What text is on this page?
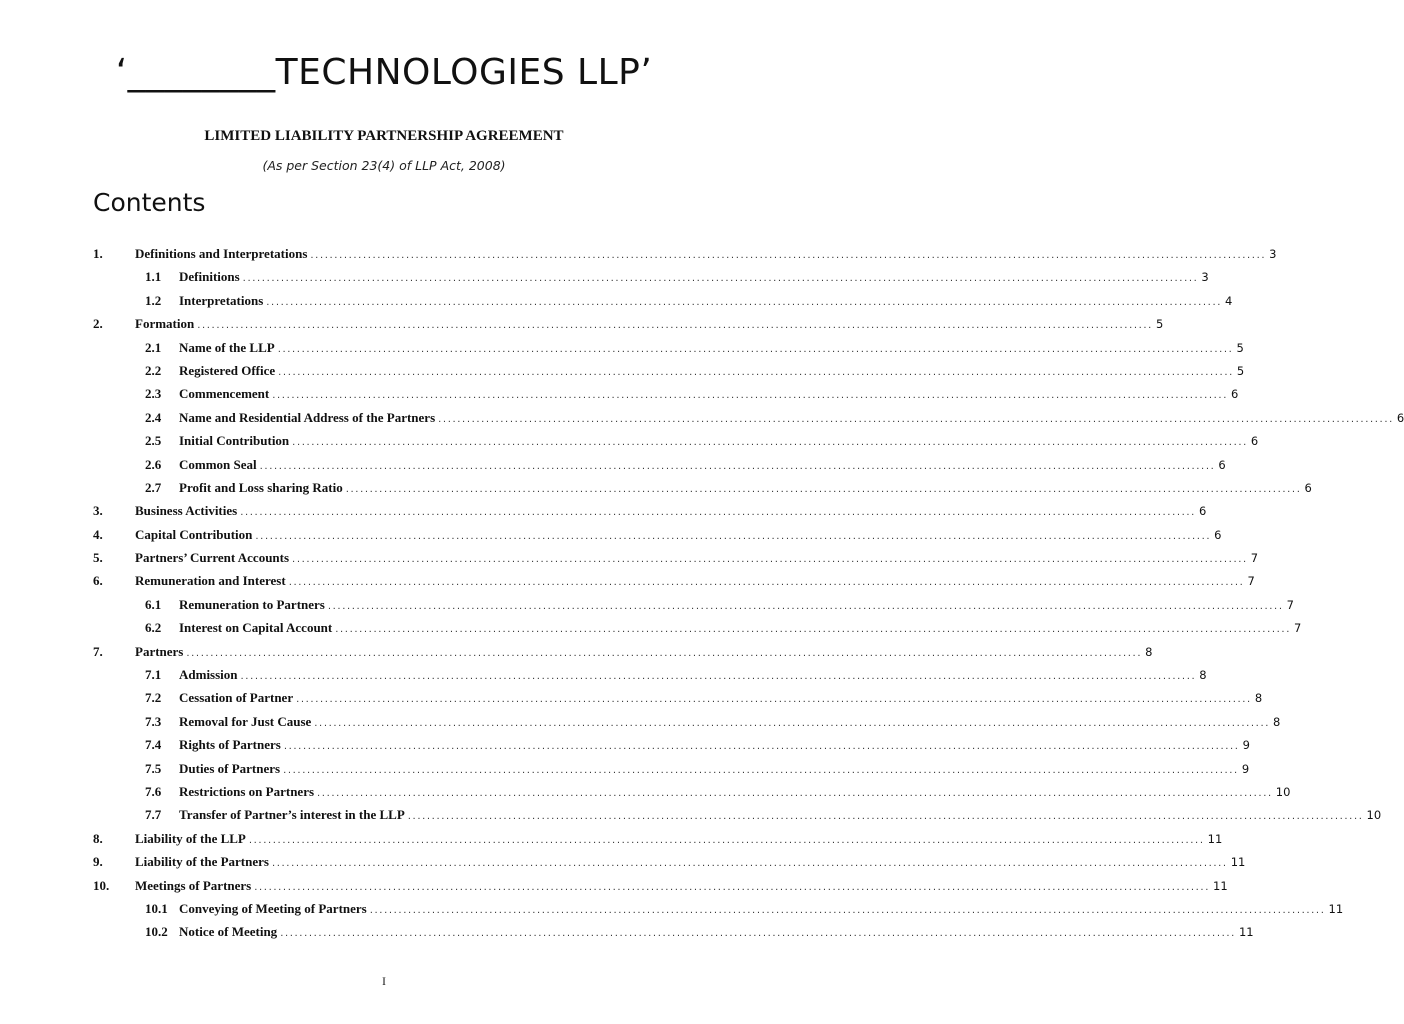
‘________TECHNOLOGIES LLP’
LIMITED LIABILITY PARTNERSHIP AGREEMENT
(As per Section 23(4) of LLP Act, 2008)
Contents
1.	Definitions and Interpretations ........................................................................................................................................................................................................ 3
1.1	Definitions ........................................................................................................................................................................................................ 3
1.2	Interpretations ........................................................................................................................................................................................................ 4
2.	Formation ........................................................................................................................................................................................................ 5
2.1	Name of the LLP ........................................................................................................................................................................................................ 5
2.2	Registered Office ........................................................................................................................................................................................................ 5
2.3	Commencement ........................................................................................................................................................................................................ 6
2.4	Name and Residential Address of the Partners ........................................................................................................................................................................................................ 6
2.5	Initial Contribution ........................................................................................................................................................................................................ 6
2.6	Common Seal ........................................................................................................................................................................................................ 6
2.7	Profit and Loss sharing Ratio ........................................................................................................................................................................................................ 6
3.	Business Activities ........................................................................................................................................................................................................ 6
4.	Capital Contribution ........................................................................................................................................................................................................ 6
5.	Partners’ Current Accounts ........................................................................................................................................................................................................ 7
6.	Remuneration and Interest ........................................................................................................................................................................................................ 7
6.1	Remuneration to Partners ........................................................................................................................................................................................................ 7
6.2	Interest on Capital Account ........................................................................................................................................................................................................ 7
7.	Partners ........................................................................................................................................................................................................ 8
7.1	Admission ........................................................................................................................................................................................................ 8
7.2	Cessation of Partner ........................................................................................................................................................................................................ 8
7.3	Removal for Just Cause ........................................................................................................................................................................................................ 8
7.4	Rights of Partners ........................................................................................................................................................................................................ 9
7.5	Duties of Partners ........................................................................................................................................................................................................ 9
7.6	Restrictions on Partners ........................................................................................................................................................................................................ 10
7.7	Transfer of Partner’s interest in the LLP ........................................................................................................................................................................................................ 10
8.	Liability of the LLP ........................................................................................................................................................................................................ 11
9.	Liability of the Partners ........................................................................................................................................................................................................ 11
10.	Meetings of Partners ........................................................................................................................................................................................................ 11
10.1 Conveying of Meeting of Partners ........................................................................................................................................................................................................ 11
10.2 Notice of Meeting ........................................................................................................................................................................................................ 11
I
